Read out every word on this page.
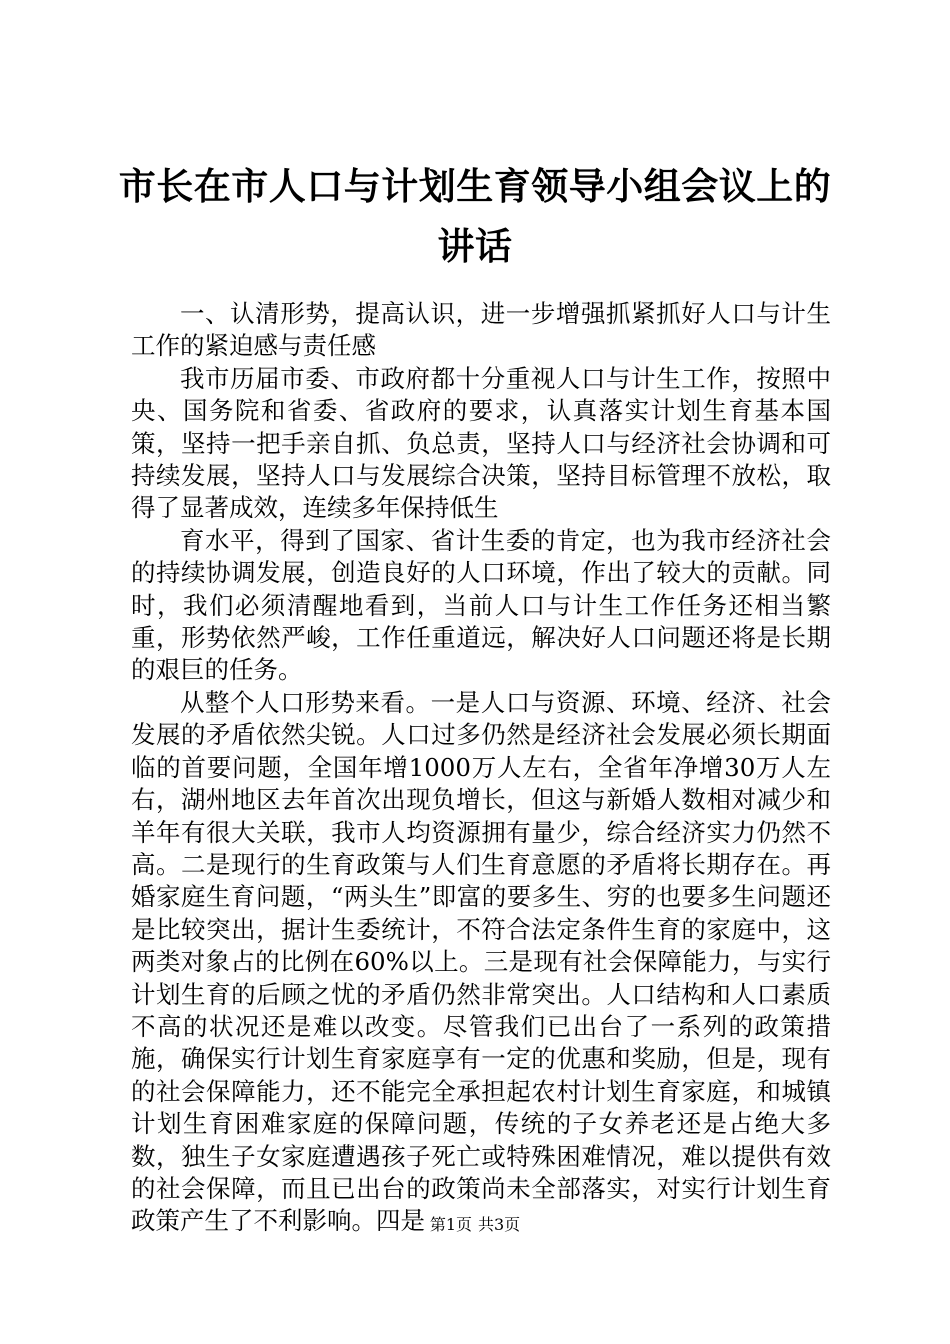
市长在市人口与计划生育领导小组会议上的讲话

一、认清形势，提高认识，进一步增强抓紧抓好人口与计生工作的紧迫感与责任感

我市历届市委、市政府都十分重视人口与计生工作，按照中央、国务院和省委、省政府的要求，认真落实计划生育基本国策，坚持一把手亲自抓、负总责，坚持人口与经济社会协调和可持续发展，坚持人口与发展综合决策，坚持目标管理不放松，取得了显著成效，连续多年保持低生

育水平，得到了国家、省计生委的肯定，也为我市经济社会的持续协调发展，创造良好的人口环境，作出了较大的贡献。同时，我们必须清醒地看到，当前人口与计生工作任务还相当繁重，形势依然严峻，工作任重道远，解决好人口问题还将是长期的艰巨的任务。

从整个人口形势来看。一是人口与资源、环境、经济、社会发展的矛盾依然尖锐。人口过多仍然是经济社会发展必须长期面临的首要问题，全国年增1000万人左右，全省年净增30万人左右，湖州地区去年首次出现负增长，但这与新婚人数相对减少和羊年有很大关联，我市人均资源拥有量少，综合经济实力仍然不高。二是现行的生育政策与人们生育意愿的矛盾将长期存在。再婚家庭生育问题，“两头生”即富的要多生、穷的也要多生问题还是比较突出，据计生委统计，不符合法定条件生育的家庭中，这两类对象占的比例在60%以上。三是现有社会保障能力，与实行计划生育的后顾之忧的矛盾仍然非常突出。人口结构和人口素质不高的状况还是难以改变。尽管我们已出台了一系列的政策措施，确保实行计划生育家庭享有一定的优惠和奖励，但是，现有的社会保障能力，还不能完全承担起农村计划生育家庭，和城镇计划生育困难家庭的保障问题，传统的子女养老还是占绝大多数，独生子女家庭遭遇孩子死亡或特殊困难情况，难以提供有效的社会保障，而且已出台的政策尚未全部落实，对实行计划生育政策产生了不利影响。四是 第1页 共3页
